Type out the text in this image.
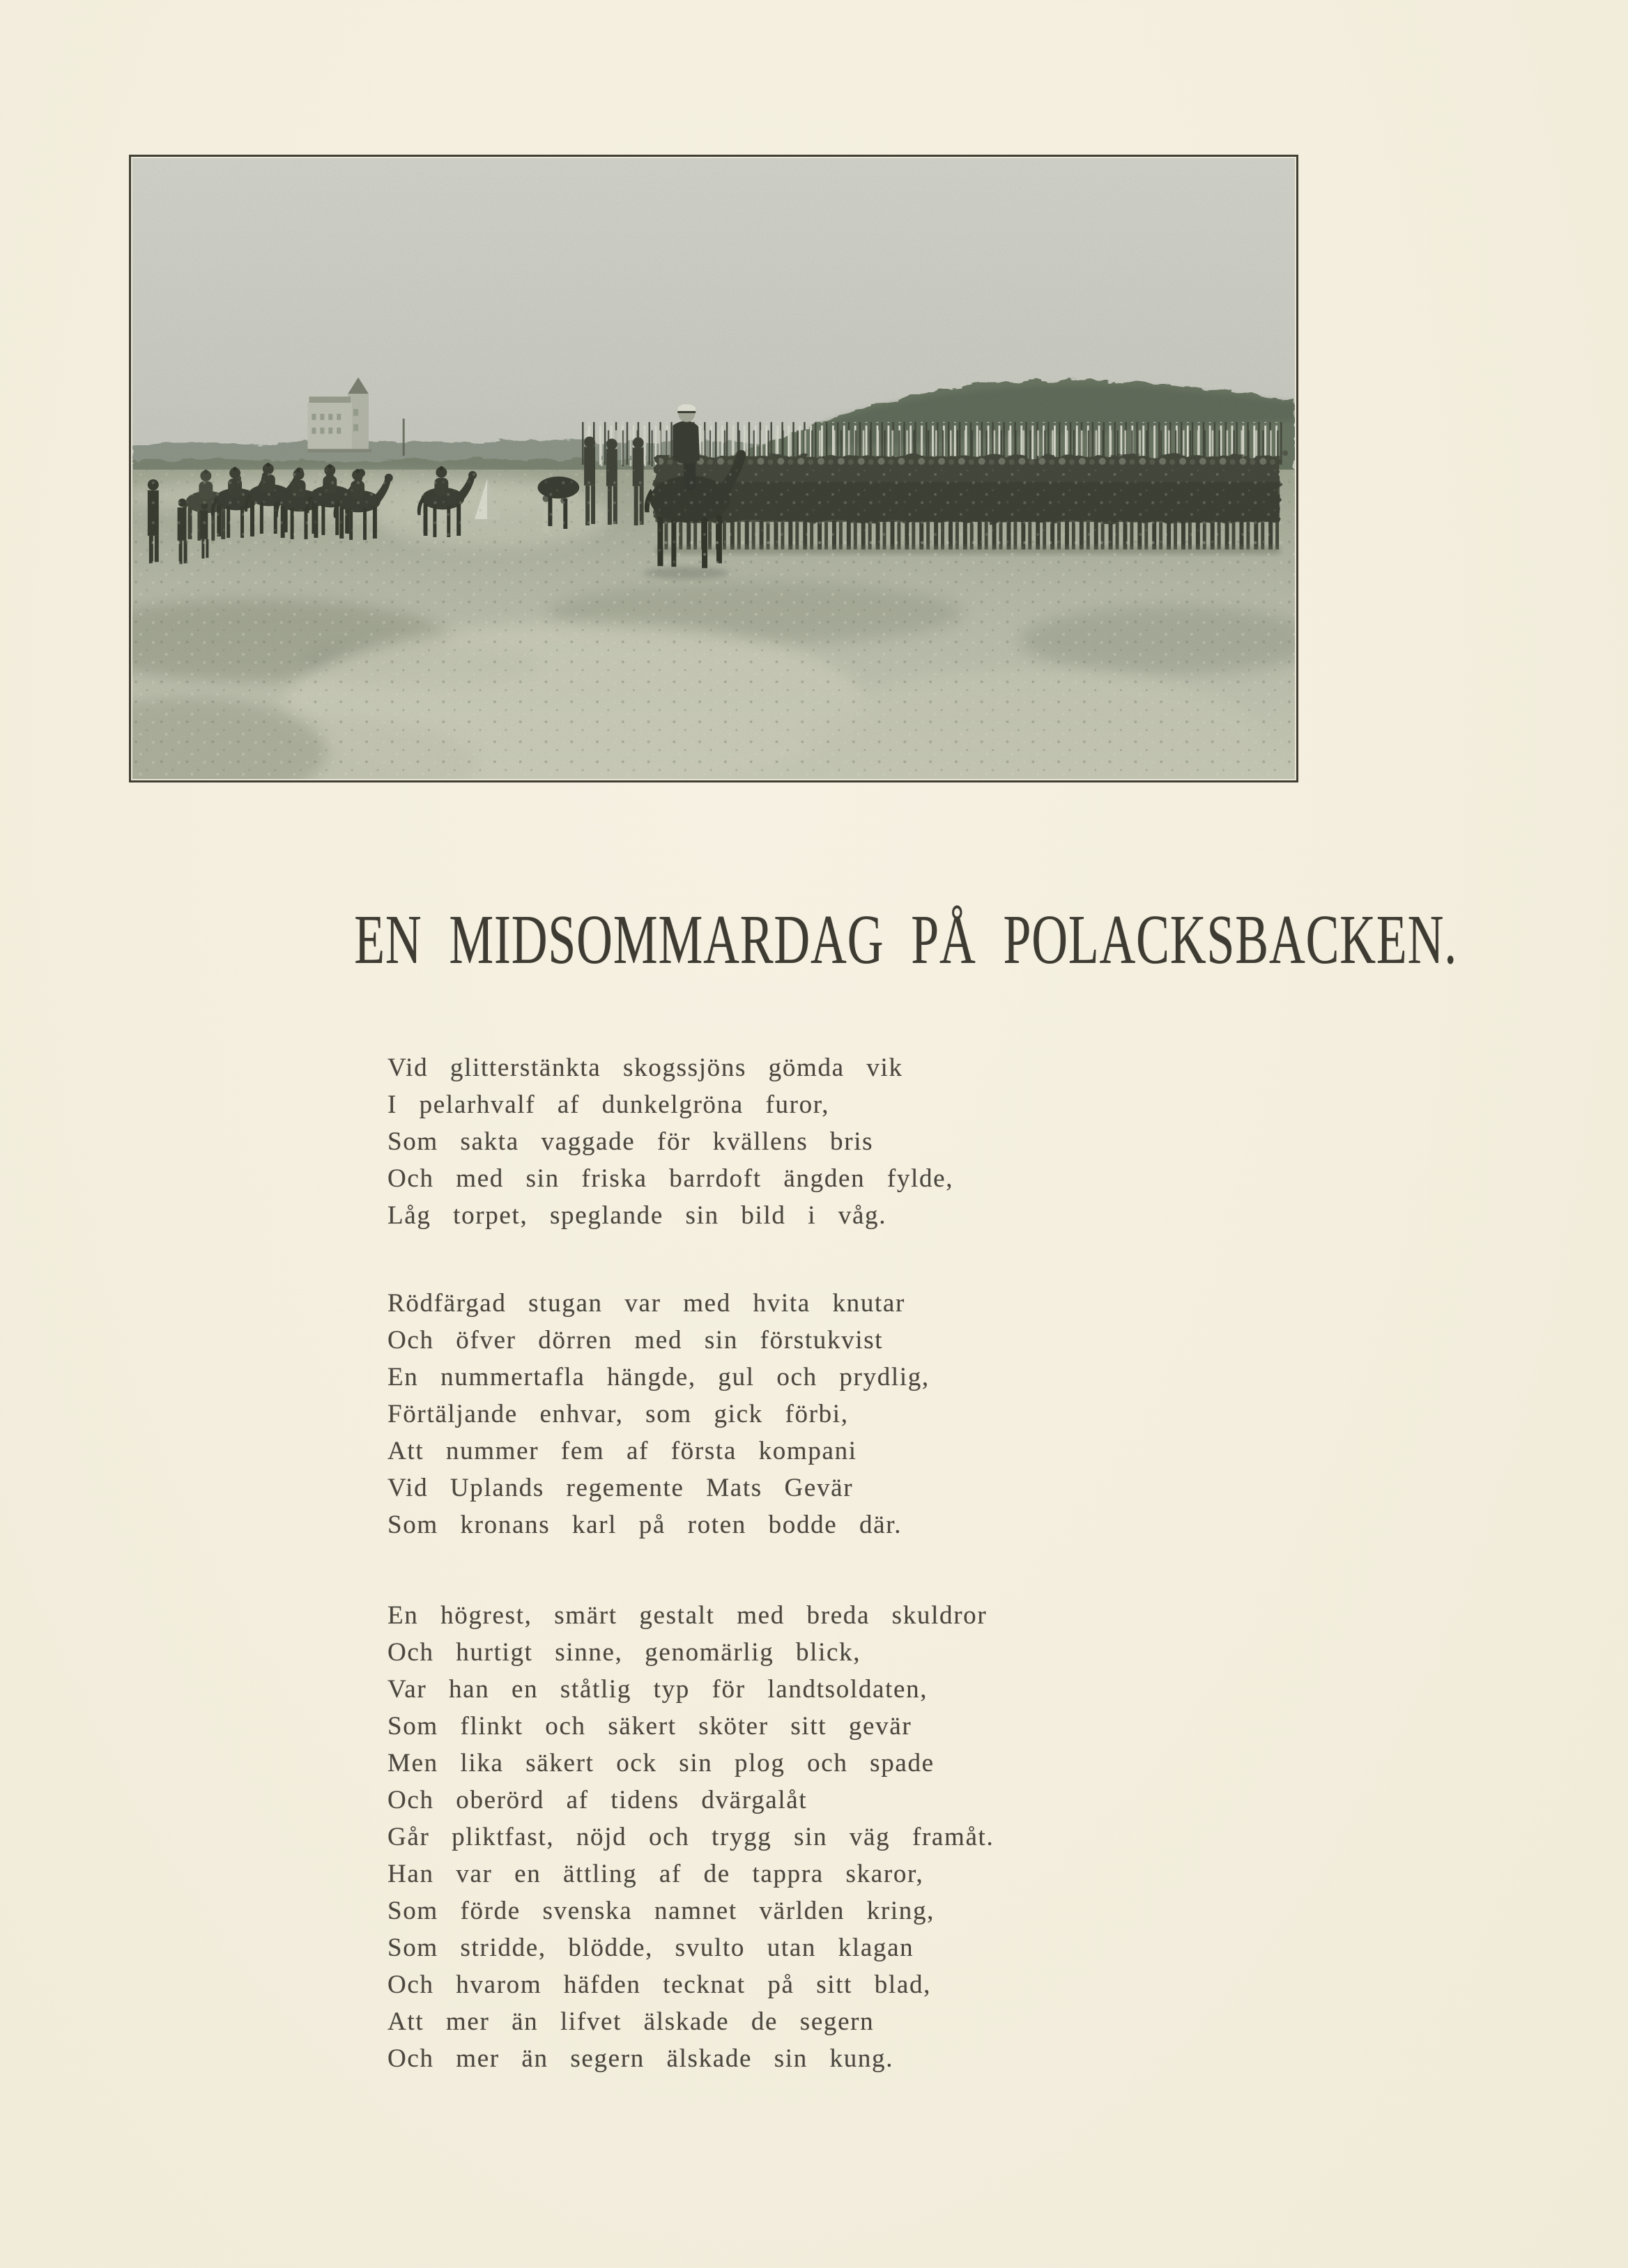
EN MIDSOMMARDAG PÅ POLACKSBACKEN.
Vid glitterstänkta skogssjöns gömda vik
I pelarhvalf af dunkelgröna furor,
Som sakta vaggade för kvällens bris
Och med sin friska barrdoft ängden fylde,
Låg torpet, speglande sin bild i våg.
Rödfärgad stugan var med hvita knutar
Och öfver dörren med sin förstukvist
En nummertafla hängde, gul och prydlig,
Förtäljande enhvar, som gick förbi,
Att nummer fem af första kompani
Vid Uplands regemente Mats Gevär
Som kronans karl på roten bodde där.
En högrest, smärt gestalt med breda skuldror
Och hurtigt sinne, genomärlig blick,
Var han en ståtlig typ för landtsoldaten,
Som flinkt och säkert sköter sitt gevär
Men lika säkert ock sin plog och spade
Och oberörd af tidens dvärgalåt
Går pliktfast, nöjd och trygg sin väg framåt.
Han var en ättling af de tappra skaror,
Som förde svenska namnet världen kring,
Som stridde, blödde, svulto utan klagan
Och hvarom häfden tecknat på sitt blad,
Att mer än lifvet älskade de segern
Och mer än segern älskade sin kung.
